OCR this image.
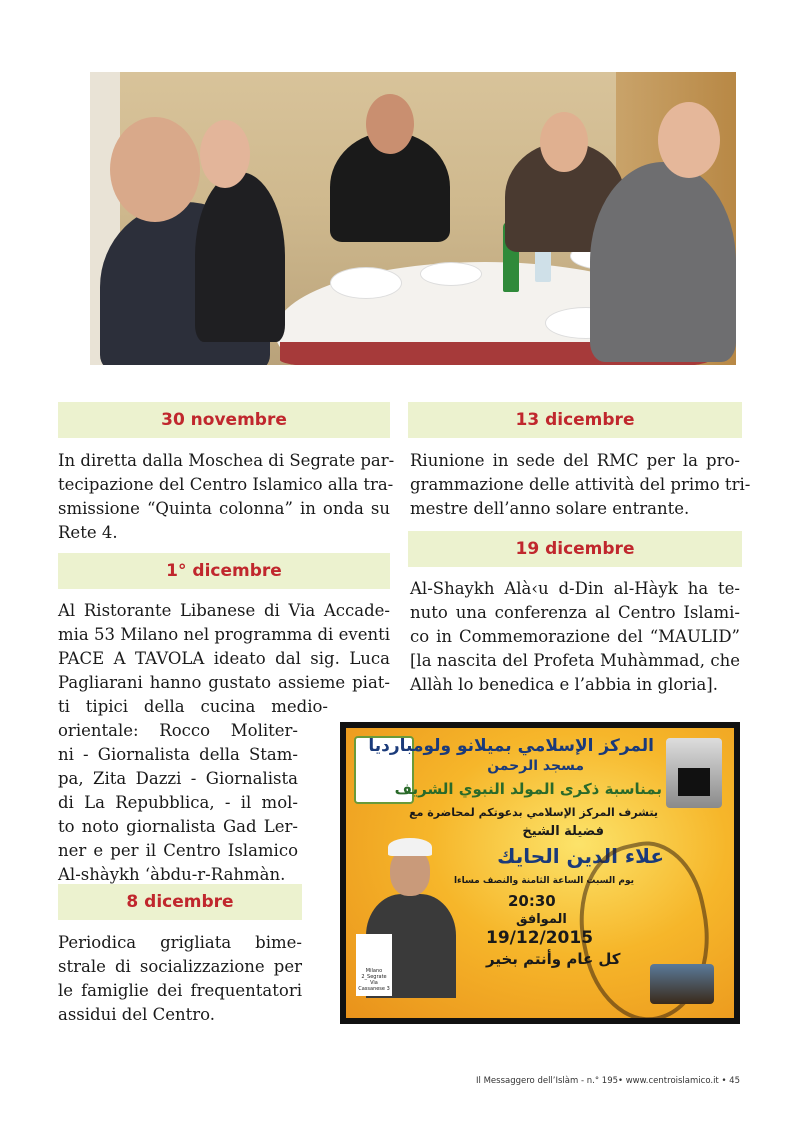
30 novembre
In diretta dalla Moschea di Segrate par-
tecipazione del Centro Islamico alla tra-
smissione “Quinta colonna” in onda su
Rete 4.
1° dicembre
Al Ristorante Libanese di Via Accade-
mia 53 Milano nel programma di eventi
PACE A TAVOLA ideato dal sig. Luca
Pagliarani hanno gustato assieme piat-
ti tipici della cucina medio-
orientale: Rocco Moliter-
ni - Giornalista della Stam-
pa, Zita Dazzi - Giornalista
di La Repubblica, - il mol-
to noto giornalista Gad Ler-
ner e per il Centro Islamico
Al-shàykh ‘àbdu-r-Rahmàn.
8 dicembre
Periodica grigliata bime-
strale di socializzazione per
le famiglie dei frequentatori
assidui del Centro.
13 dicembre
Riunione in sede del RMC per la pro-
grammazione delle attività del primo tri-
mestre dell’anno solare entrante.
19 dicembre
Al-Shaykh Alà‹u d-Din al-Hàyk ha te-
nuto una conferenza al Centro Islami-
co in Commemorazione del “MAULID”
[la nascita del Profeta Muhàmmad, che
Allàh lo benedica e l’abbia in gloria].
المركز الإسلامي بميلانو ولومبارديا
مسجد الرحمن
بمناسبة ذكرى المولد النبوي الشريف
يتشرف المركز الإسلامي بدعوتكم لمحاضرة مع
فضيلة الشيخ
علاء الدين الحايك
يوم السبت الساعة الثامنة والنصف مساءا
20:30
الموافق
19/12/2015
كل عام وأنتم بخير
Milano 2_Segrate
Via Cassanese 3
Il Messaggero dell’Islàm - n.° 195• www.centroislamico.it • 45
